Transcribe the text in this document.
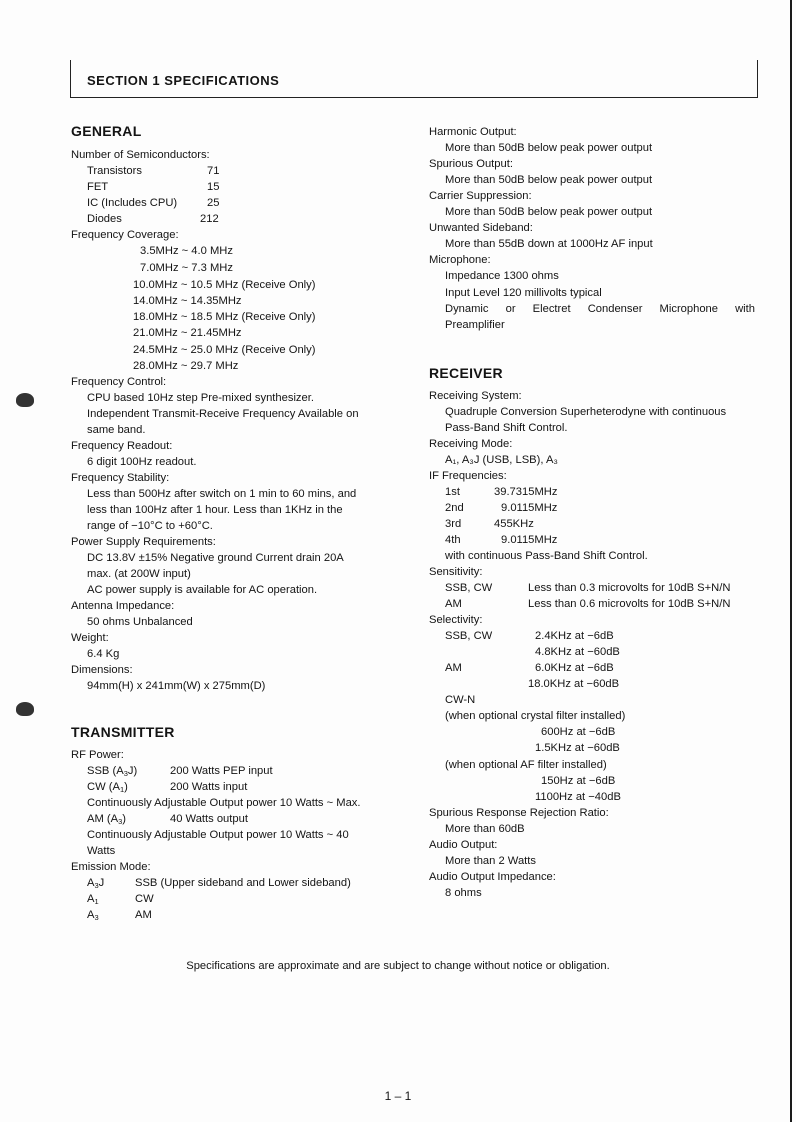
SECTION 1 SPECIFICATIONS
GENERAL
Number of Semiconductors:
Transistors	71
FET	15
IC (Includes CPU)	25
Diodes	212
Frequency Coverage:
3.5MHz ~ 4.0 MHz
7.0MHz ~ 7.3 MHz
10.0MHz ~ 10.5 MHz (Receive Only)
14.0MHz ~ 14.35MHz
18.0MHz ~ 18.5 MHz (Receive Only)
21.0MHz ~ 21.45MHz
24.5MHz ~ 25.0 MHz (Receive Only)
28.0MHz ~ 29.7 MHz
Frequency Control:
CPU based 10Hz step Pre-mixed synthesizer.
Independent Transmit-Receive Frequency Available on
same band.
Frequency Readout:
6 digit 100Hz readout.
Frequency Stability:
Less than 500Hz after switch on 1 min to 60 mins, and
less than 100Hz after 1 hour. Less than 1KHz in the
range of −10°C to +60°C.
Power Supply Requirements:
DC 13.8V ±15% Negative ground Current drain 20A
max. (at 200W input)
AC power supply is available for AC operation.
Antenna Impedance:
50 ohms Unbalanced
Weight:
6.4 Kg
Dimensions:
94mm(H) x 241mm(W) x 275mm(D)
TRANSMITTER
RF Power:
SSB $(A_3J)$	200 Watts PEP input
CW $(A_1)$	200 Watts input
Continuously Adjustable Output power 10 Watts ~ Max.
AM $(A_3)$	40 Watts output
Continuously Adjustable Output power 10 Watts ~ 40
Watts
Emission Mode:
$A_3J$	SSB (Upper sideband and Lower sideband)
$A_1$	CW
$A_3$	AM
Harmonic Output:
More than 50dB below peak power output
Spurious Output:
More than 50dB below peak power output
Carrier Suppression:
More than 50dB below peak power output
Unwanted Sideband:
More than 55dB down at 1000Hz AF input
Microphone:
Impedance 1300 ohms
Input Level 120 millivolts typical
Dynamic or Electret Condenser Microphone with
Preamplifier
RECEIVER
Receiving System:
Quadruple Conversion Superheterodyne with continuous
Pass-Band Shift Control.
Receiving Mode:
A₁, A₃J (USB, LSB), A₃
IF Frequencies:
1st	39.7315MHz
2nd	9.0115MHz
3rd	455KHz
4th	9.0115MHz
with continuous Pass-Band Shift Control.
Sensitivity:
SSB, CW	Less than 0.3 microvolts for 10dB S+N/N
AM	Less than 0.6 microvolts for 10dB S+N/N
Selectivity:
SSB, CW	2.4KHz at −6dB
4.8KHz at −60dB
AM	6.0KHz at −6dB
18.0KHz at −60dB
CW-N
(when optional crystal filter installed)
600Hz at −6dB
1.5KHz at −60dB
(when optional AF filter installed)
150Hz at −6dB
1100Hz at −40dB
Spurious Response Rejection Ratio:
More than 60dB
Audio Output:
More than 2 Watts
Audio Output Impedance:
8 ohms
Specifications are approximate and are subject to change without notice or obligation.
1 – 1
